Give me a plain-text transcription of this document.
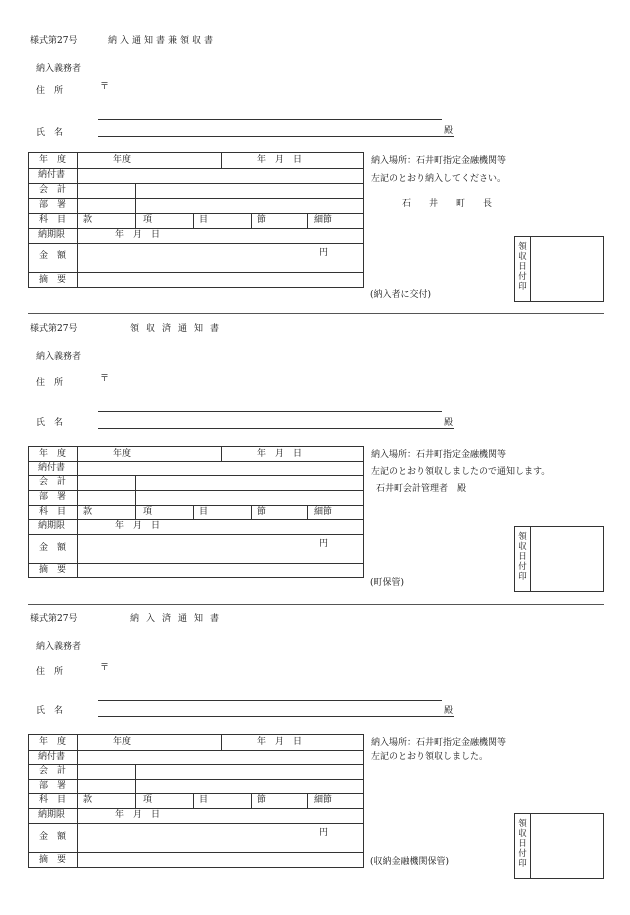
様式第27号	納入通知書兼領収書
納入義務者
住　所	〒
氏　名	殿
年　度	年度	年　月　日
納付書
会　計
部　署
科　目 款	項	目	節	細節
納期限	年　月　日
金　額	円
摘　要
納入場所：石井町指定金融機関等
左記のとおり納入してください。
石　　井　　町　　長
領収日付印
(納入者に交付)
様式第27号	領収済通知書
納入義務者
住　所	〒
氏　名	殿
年　度	年度	年　月　日
納付書
会　計
部　署
科　目 款	項	目	節	細節
納期限	年　月　日
金　額	円
摘　要
納入場所：石井町指定金融機関等
左記のとおり領収しましたので通知します。
石井町会計管理者　殿
領収日付印
(町保管)
様式第27号	納入済通知書
納入義務者
住　所	〒
氏　名	殿
年　度	年度	年　月　日
納付書
会　計
部　署
科　目 款	項	目	節	細節
納期限	年　月　日
金　額	円
摘　要
納入場所：石井町指定金融機関等
左記のとおり領収しました。
領収日付印
(収納金融機関保管)
